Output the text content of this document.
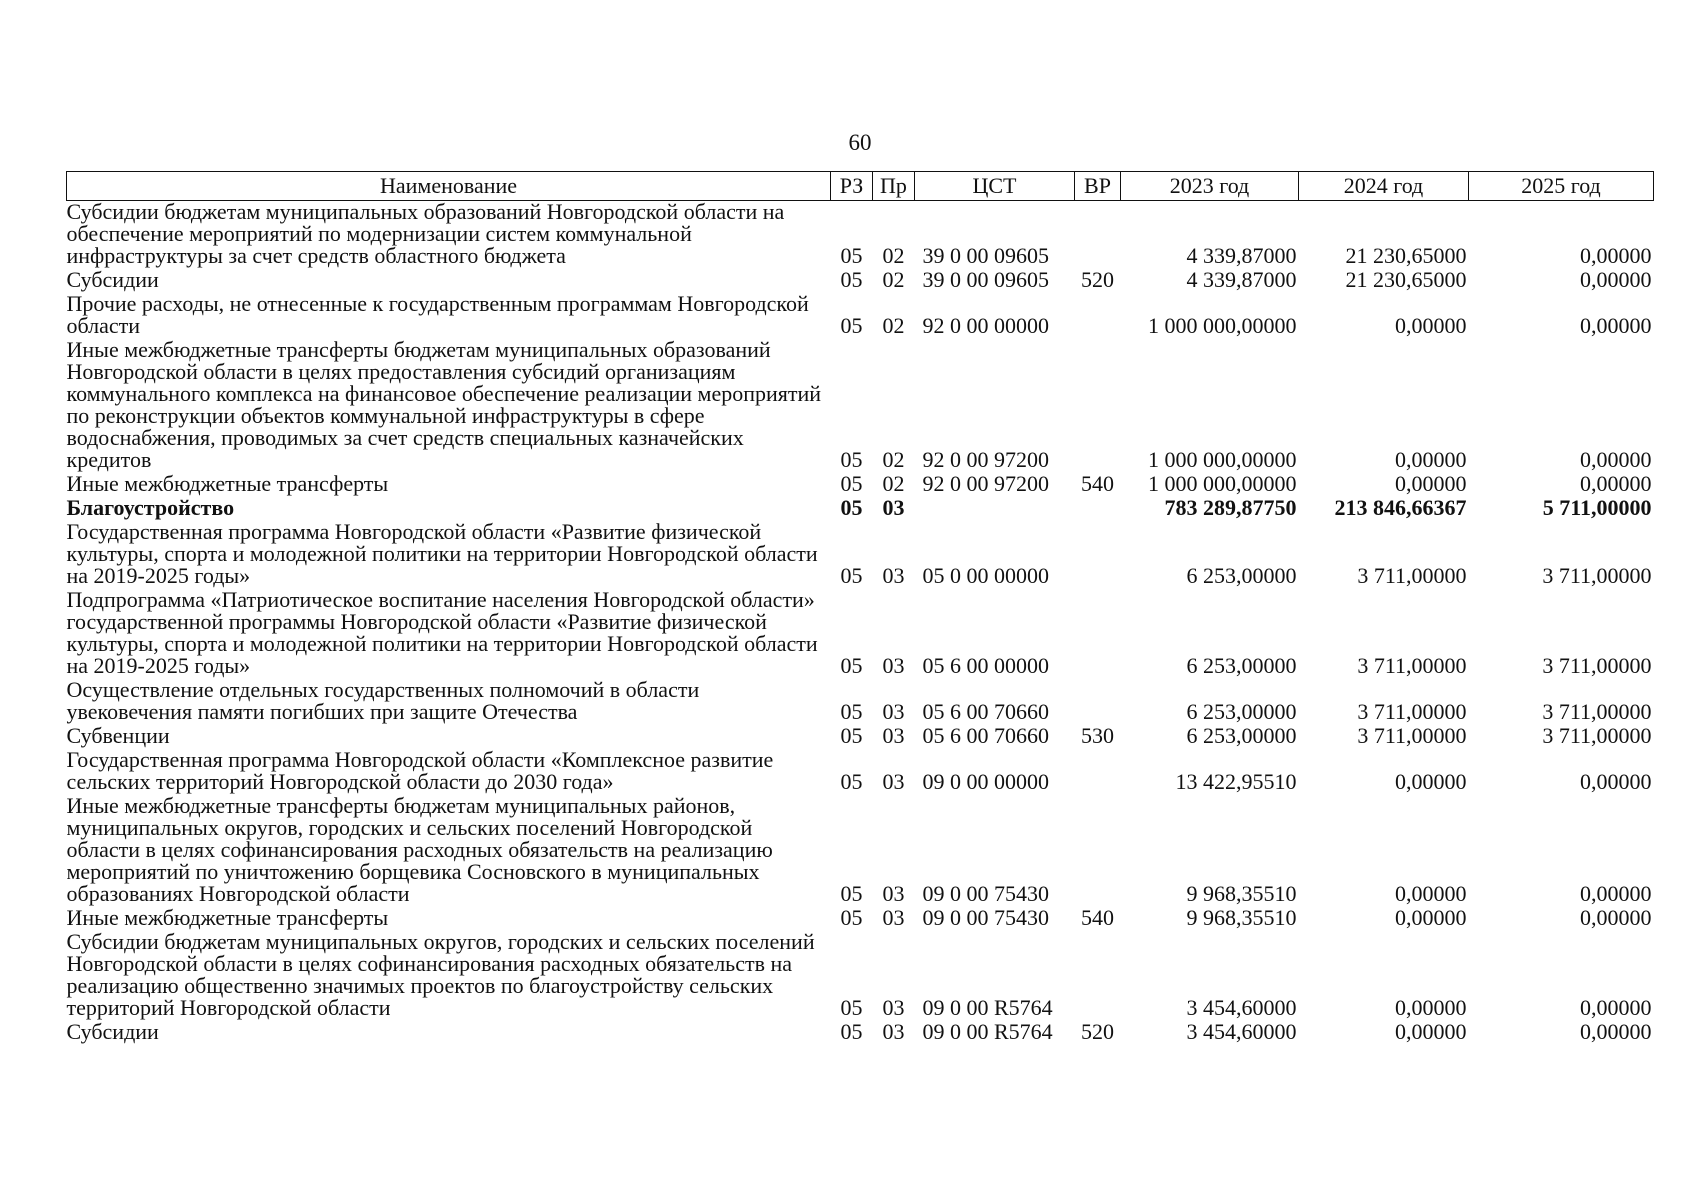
60
Наименование	РЗ	Пр	ЦСТ	ВР	2023 год	2024 год	2025 год
Субсидии бюджетам муниципальных образований Новгородской области на обеспечение мероприятий по модернизации систем коммунальной инфраструктуры за счет средств областного бюджета	05	02	39 0 00 09605		4 339,87000	21 230,65000	0,00000
Субсидии	05	02	39 0 00 09605	520	4 339,87000	21 230,65000	0,00000
Прочие расходы, не отнесенные к государственным программам Новгородской области	05	02	92 0 00 00000		1 000 000,00000	0,00000	0,00000
Иные межбюджетные трансферты бюджетам муниципальных образований Новгородской области в целях предоставления субсидий организациям коммунального комплекса на финансовое обеспечение реализации мероприятий по реконструкции объектов коммунальной инфраструктуры в сфере водоснабжения, проводимых за счет средств специальных казначейских кредитов	05	02	92 0 00 97200		1 000 000,00000	0,00000	0,00000
Иные межбюджетные трансферты	05	02	92 0 00 97200	540	1 000 000,00000	0,00000	0,00000
Благоустройство	05	03			783 289,87750	213 846,66367	5 711,00000
Государственная программа Новгородской области «Развитие физической культуры, спорта и молодежной политики на территории Новгородской области на 2019-2025 годы»	05	03	05 0 00 00000		6 253,00000	3 711,00000	3 711,00000
Подпрограмма «Патриотическое воспитание населения Новгородской области» государственной программы Новгородской области «Развитие физической культуры, спорта и молодежной политики на территории Новгородской области на 2019-2025 годы»	05	03	05 6 00 00000		6 253,00000	3 711,00000	3 711,00000
Осуществление отдельных государственных полномочий в области увековечения памяти погибших при защите Отечества	05	03	05 6 00 70660		6 253,00000	3 711,00000	3 711,00000
Субвенции	05	03	05 6 00 70660	530	6 253,00000	3 711,00000	3 711,00000
Государственная программа Новгородской области «Комплексное развитие сельских территорий Новгородской области до 2030 года»	05	03	09 0 00 00000		13 422,95510	0,00000	0,00000
Иные межбюджетные трансферты бюджетам муниципальных районов, муниципальных округов, городских и сельских поселений Новгородской области в целях софинансирования расходных обязательств на реализацию мероприятий по уничтожению борщевика Сосновского в муниципальных образованиях Новгородской области	05	03	09 0 00 75430		9 968,35510	0,00000	0,00000
Иные межбюджетные трансферты	05	03	09 0 00 75430	540	9 968,35510	0,00000	0,00000
Субсидии бюджетам муниципальных округов, городских и сельских поселений Новгородской области в целях софинансирования расходных обязательств на реализацию общественно значимых проектов по благоустройству сельских территорий Новгородской области	05	03	09 0 00 R5764		3 454,60000	0,00000	0,00000
Субсидии	05	03	09 0 00 R5764	520	3 454,60000	0,00000	0,00000
